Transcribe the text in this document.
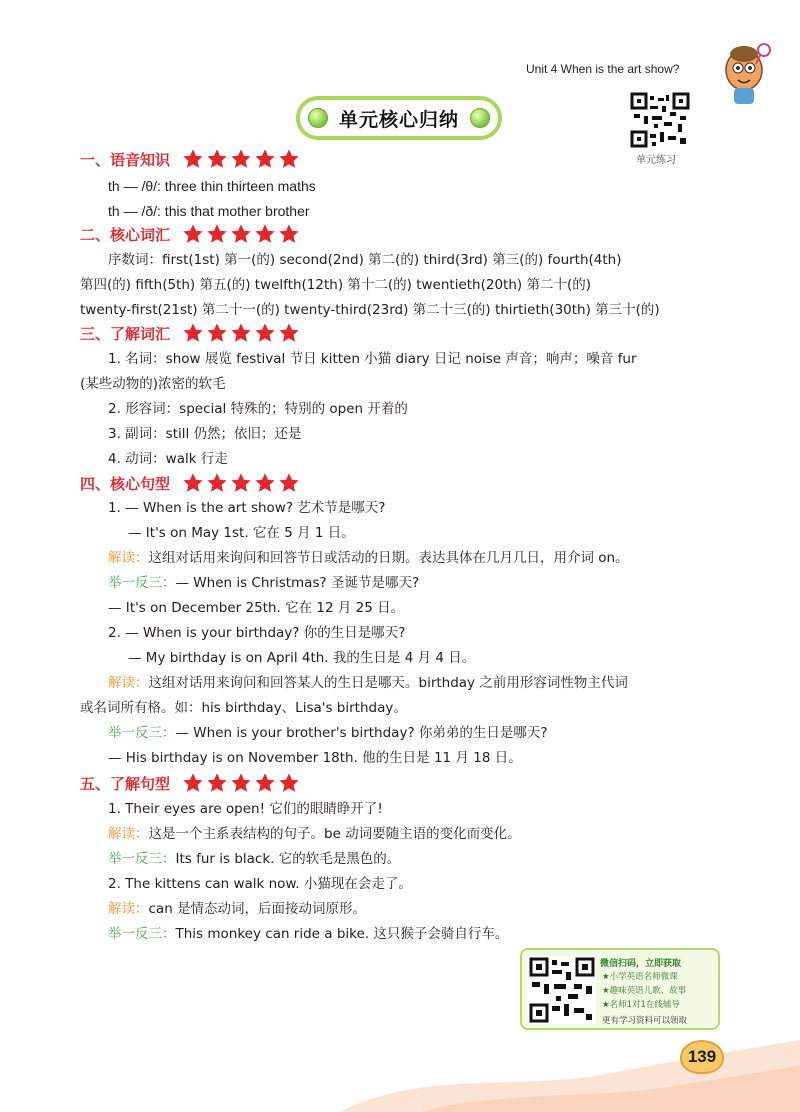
Unit 4 When is the art show?
单元核心归纳
单元练习
一、语音知识
th — /θ/: three thin thirteen maths
th — /ð/: this that mother brother
二、核心词汇
序数词：first(1st) 第一(的) second(2nd) 第二(的) third(3rd) 第三(的) fourth(4th)
第四(的) fifth(5th) 第五(的) twelfth(12th) 第十二(的) twentieth(20th) 第二十(的)
twenty-first(21st) 第二十一(的) twenty-third(23rd) 第二十三(的) thirtieth(30th) 第三十(的)
三、了解词汇
1. 名词：show 展览 festival 节日 kitten 小猫 diary 日记 noise 声音；响声；噪音 fur
(某些动物的)浓密的软毛
2. 形容词：special 特殊的；特别的 open 开着的
3. 副词：still 仍然；依旧；还是
4. 动词：walk 行走
四、核心句型
1. — When is the art show? 艺术节是哪天?
— It's on May 1st. 它在 5 月 1 日。
解读：这组对话用来询问和回答节日或活动的日期。表达具体在几月几日，用介词 on。
举一反三：— When is Christmas? 圣诞节是哪天?
— It's on December 25th. 它在 12 月 25 日。
2. — When is your birthday? 你的生日是哪天?
— My birthday is on April 4th. 我的生日是 4 月 4 日。
解读：这组对话用来询问和回答某人的生日是哪天。birthday 之前用形容词性物主代词
或名词所有格。如：his birthday、Lisa's birthday。
举一反三：— When is your brother's birthday? 你弟弟的生日是哪天?
— His birthday is on November 18th. 他的生日是 11 月 18 日。
五、了解句型
1. Their eyes are open! 它们的眼睛睁开了!
解读：这是一个主系表结构的句子。be 动词要随主语的变化而变化。
举一反三：Its fur is black. 它的软毛是黑色的。
2. The kittens can walk now. 小猫现在会走了。
解读：can 是情态动词，后面接动词原形。
举一反三：This monkey can ride a bike. 这只猴子会骑自行车。
微信扫码，立即获取
★小学英语名师微课
★趣味英语儿歌、故事
★名师1对1在线辅导
更有学习资料可以领取
139
